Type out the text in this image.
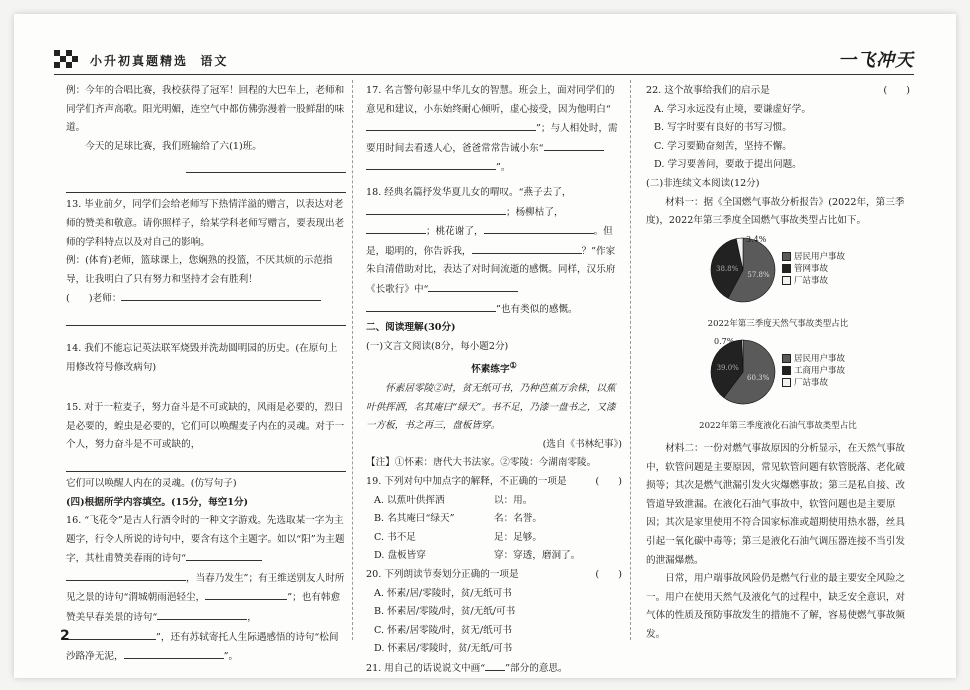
小升初真题精选 语文	一飞冲天

例：今年的合唱比赛，我校获得了冠军！回程的大巴车上，老师和同学们齐声高歌。阳光明媚，连空气中都仿佛弥漫着一股鲜甜的味道。

今天的足球比赛，我们班输给了六(1)班。

13. 毕业前夕，同学们会给老师写下热情洋溢的赠言，以表达对老师的赞美和敬意。请你照样子，给某学科老师写赠言，要表现出老师的学科特点以及对自己的影响。

例：(体育)老师，篮球课上，您娴熟的投篮，不厌其烦的示范指导，让我明白了只有努力和坚持才会有胜利！

(　　)老师：

14. 我们不能忘记英法联军烧毁并洗劫圆明园的历史。(在原句上用修改符号修改病句)

15. 对于一粒麦子，努力奋斗是不可或缺的，风雨是必要的，烈日是必要的，蝗虫是必要的，它们可以唤醒麦子内在的灵魂。对于一个人，努力奋斗是不可或缺的，

它们可以唤醒人内在的灵魂。(仿写句子)

(四)根据所学内容填空。(15分，每空1分)

16. “飞花令”是古人行酒令时的一种文字游戏。先选取某一字为主题字，行令人所说的诗句中，要含有这个主题字。如以“阳”为主题字，其杜甫赞美春雨的诗句“，当春乃发生”；有王维送别友人时所见之景的诗句“渭城朝雨浥轻尘，	”；也有韩愈赞美早春美景的诗句“	，”，还有苏轼寄托人生际遇感悟的诗句“松间沙路净无泥，	”。

17. 名言警句彰显中华儿女的智慧。班会上，面对同学们的意见和建议，小东始终耐心倾听，虚心接受，因为他明白“”；与人相处时，需要用时间去看透人心，爸爸常常告诫小东“”。

18. 经典名篇抒发华夏儿女的喟叹。“燕子去了，；杨柳枯了，；桃花谢了，	。但是，聪明的，你告诉我，	？”作家朱自清借助对比，表达了对时间流逝的感慨。同样，汉乐府《长歌行》中“”也有类似的感慨。

二、阅读理解(30分)

(一)文言文阅读(8分，每小题2分)

怀素练字①

怀素居零陵②时，贫无纸可书，乃种芭蕉万余株，以蕉叶供挥洒，名其庵曰“绿天”。书不足，乃漆一盘书之，又漆一方板，书之再三，盘板皆穿。

(选自《书林纪事》)

【注】①怀素：唐代大书法家。②零陵：今湖南零陵。

19. 下列对句中加点字的解释，不正确的一项是	(　　)

A. 以蕉叶供挥洒	以：用。

B. 名其庵曰“绿天”	名：名誉。

C. 书不足	足：足够。

D. 盘板皆穿	穿：穿透，磨洞了。

20. 下列朗读节奏划分正确的一项是	(　　)

A. 怀素/居/零陵时，贫/无纸可书

B. 怀素居/零陵/时，贫/无纸/可书

C. 怀素/居零陵/时，贫无/纸可书

D. 怀素居/零陵时，贫/无纸/可书

21. 用自己的话说说文中画“ ”部分的意思。

22. 这个故事给我们的启示是	(　　)

A. 学习永远没有止境，要谦虚好学。

B. 写字时要有良好的书写习惯。

C. 学习要勤奋刻苦，坚持不懈。

D. 学习要善问，要敢于提出问题。

(二)非连续文本阅读(12分)

材料一：据《全国燃气事故分析报告》(2022年，第三季度)，2022年第三季度全国燃气事故类型占比如下。

57.8%
38.8%
3.4%
居民用户事故
管网事故
厂站事故
2022年第三季度天然气事故类型占比
60.3%
39.0%
0.7%
居民用户事故
工商用户事故
厂站事故
2022年第三季度液化石油气事故类型占比

材料二：一份对燃气事故原因的分析显示，在天然气事故中，软管问题是主要原因，常见软管问题有软管脱落、老化破损等；其次是燃气泄漏引发火灾爆燃事故；第三是私自接、改管道导致泄漏。在液化石油气事故中，软管问题也是主要原因；其次是家里使用不符合国家标准或超期使用热水器，丝具引起一氧化碳中毒等；第三是液化石油气调压器连接不当引发的泄漏爆燃。

日常，用户端事故风险仍是燃气行业的最主要安全风险之一。用户在使用天然气及液化气的过程中，缺乏安全意识，对气体的性质及预防事故发生的措施不了解，容易使燃气事故频发。

2
